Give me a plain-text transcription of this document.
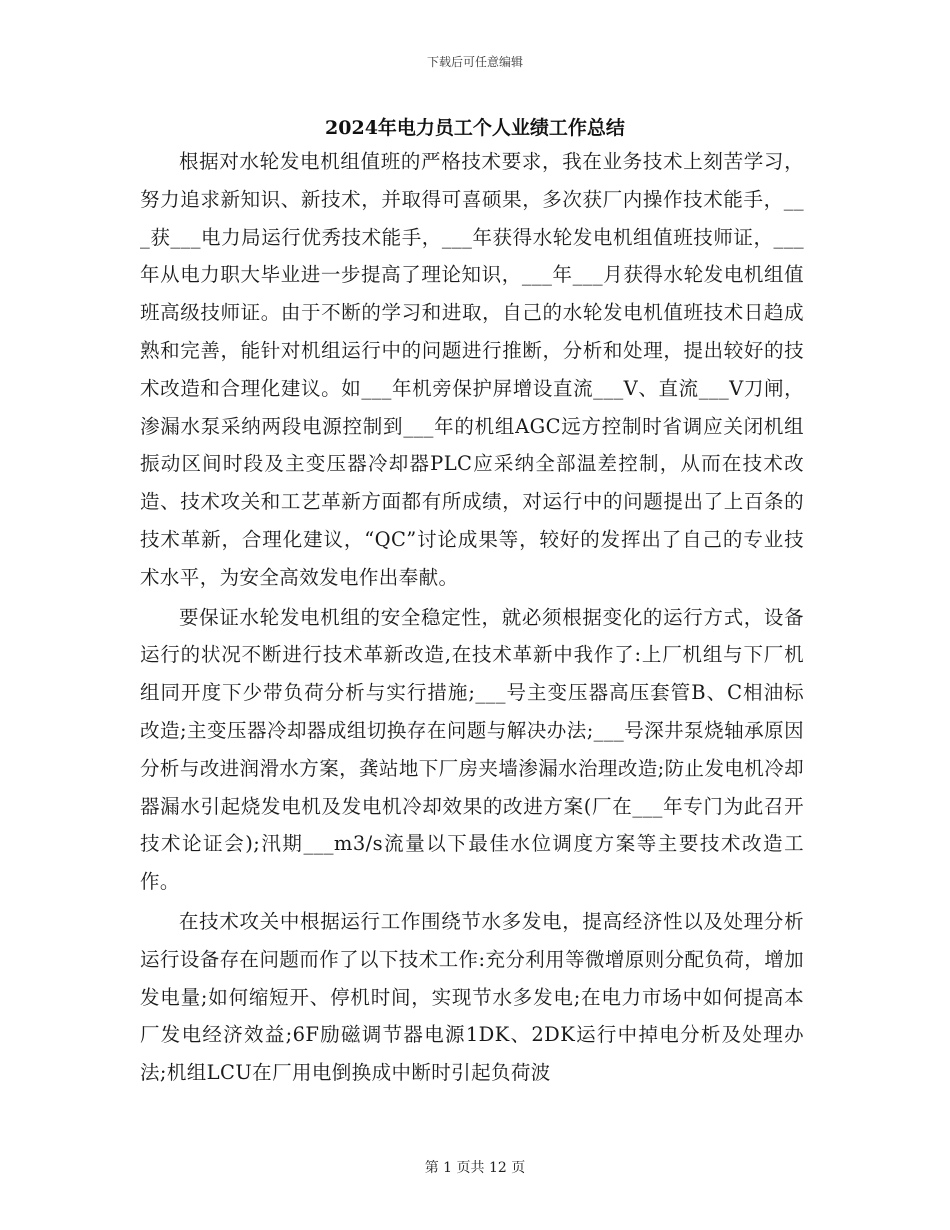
下载后可任意编辑
2024年电力员工个人业绩工作总结

根据对水轮发电机组值班的严格技术要求，我在业务技术上刻苦学习，努力追求新知识、新技术，并取得可喜硕果，多次获厂内操作技术能手，___获___电力局运行优秀技术能手，___年获得水轮发电机组值班技师证，___年从电力职大毕业进一步提高了理论知识，___年___月获得水轮发电机组值班高级技师证。由于不断的学习和进取，自己的水轮发电机值班技术日趋成熟和完善，能针对机组运行中的问题进行推断，分析和处理，提出较好的技术改造和合理化建议。如___年机旁保护屏增设直流___V、直流___V刀闸，渗漏水泵采纳两段电源控制到___年的机组AGC远方控制时省调应关闭机组振动区间时段及主变压器冷却器PLC应采纳全部温差控制，从而在技术改造、技术攻关和工艺革新方面都有所成绩，对运行中的问题提出了上百条的技术革新，合理化建议，“QC”讨论成果等，较好的发挥出了自己的专业技术水平，为安全高效发电作出奉献。

要保证水轮发电机组的安全稳定性，就必须根据变化的运行方式，设备运行的状况不断进行技术革新改造,在技术革新中我作了:上厂机组与下厂机组同开度下少带负荷分析与实行措施;___号主变压器高压套管B、C相油标改造;主变压器冷却器成组切换存在问题与解决办法;___号深井泵烧轴承原因分析与改进润滑水方案，龚站地下厂房夹墙渗漏水治理改造;防止发电机冷却器漏水引起烧发电机及发电机冷却效果的改进方案(厂在___年专门为此召开技术论证会);汛期___m3/s流量以下最佳水位调度方案等主要技术改造工作。

在技术攻关中根据运行工作围绕节水多发电，提高经济性以及处理分析运行设备存在问题而作了以下技术工作:充分利用等微增原则分配负荷，增加发电量;如何缩短开、停机时间，实现节水多发电;在电力市场中如何提高本厂发电经济效益;6F励磁调节器电源1DK、2DK运行中掉电分析及处理办法;机组LCU在厂用电倒换成中断时引起负荷波

第 1 页共 12 页
